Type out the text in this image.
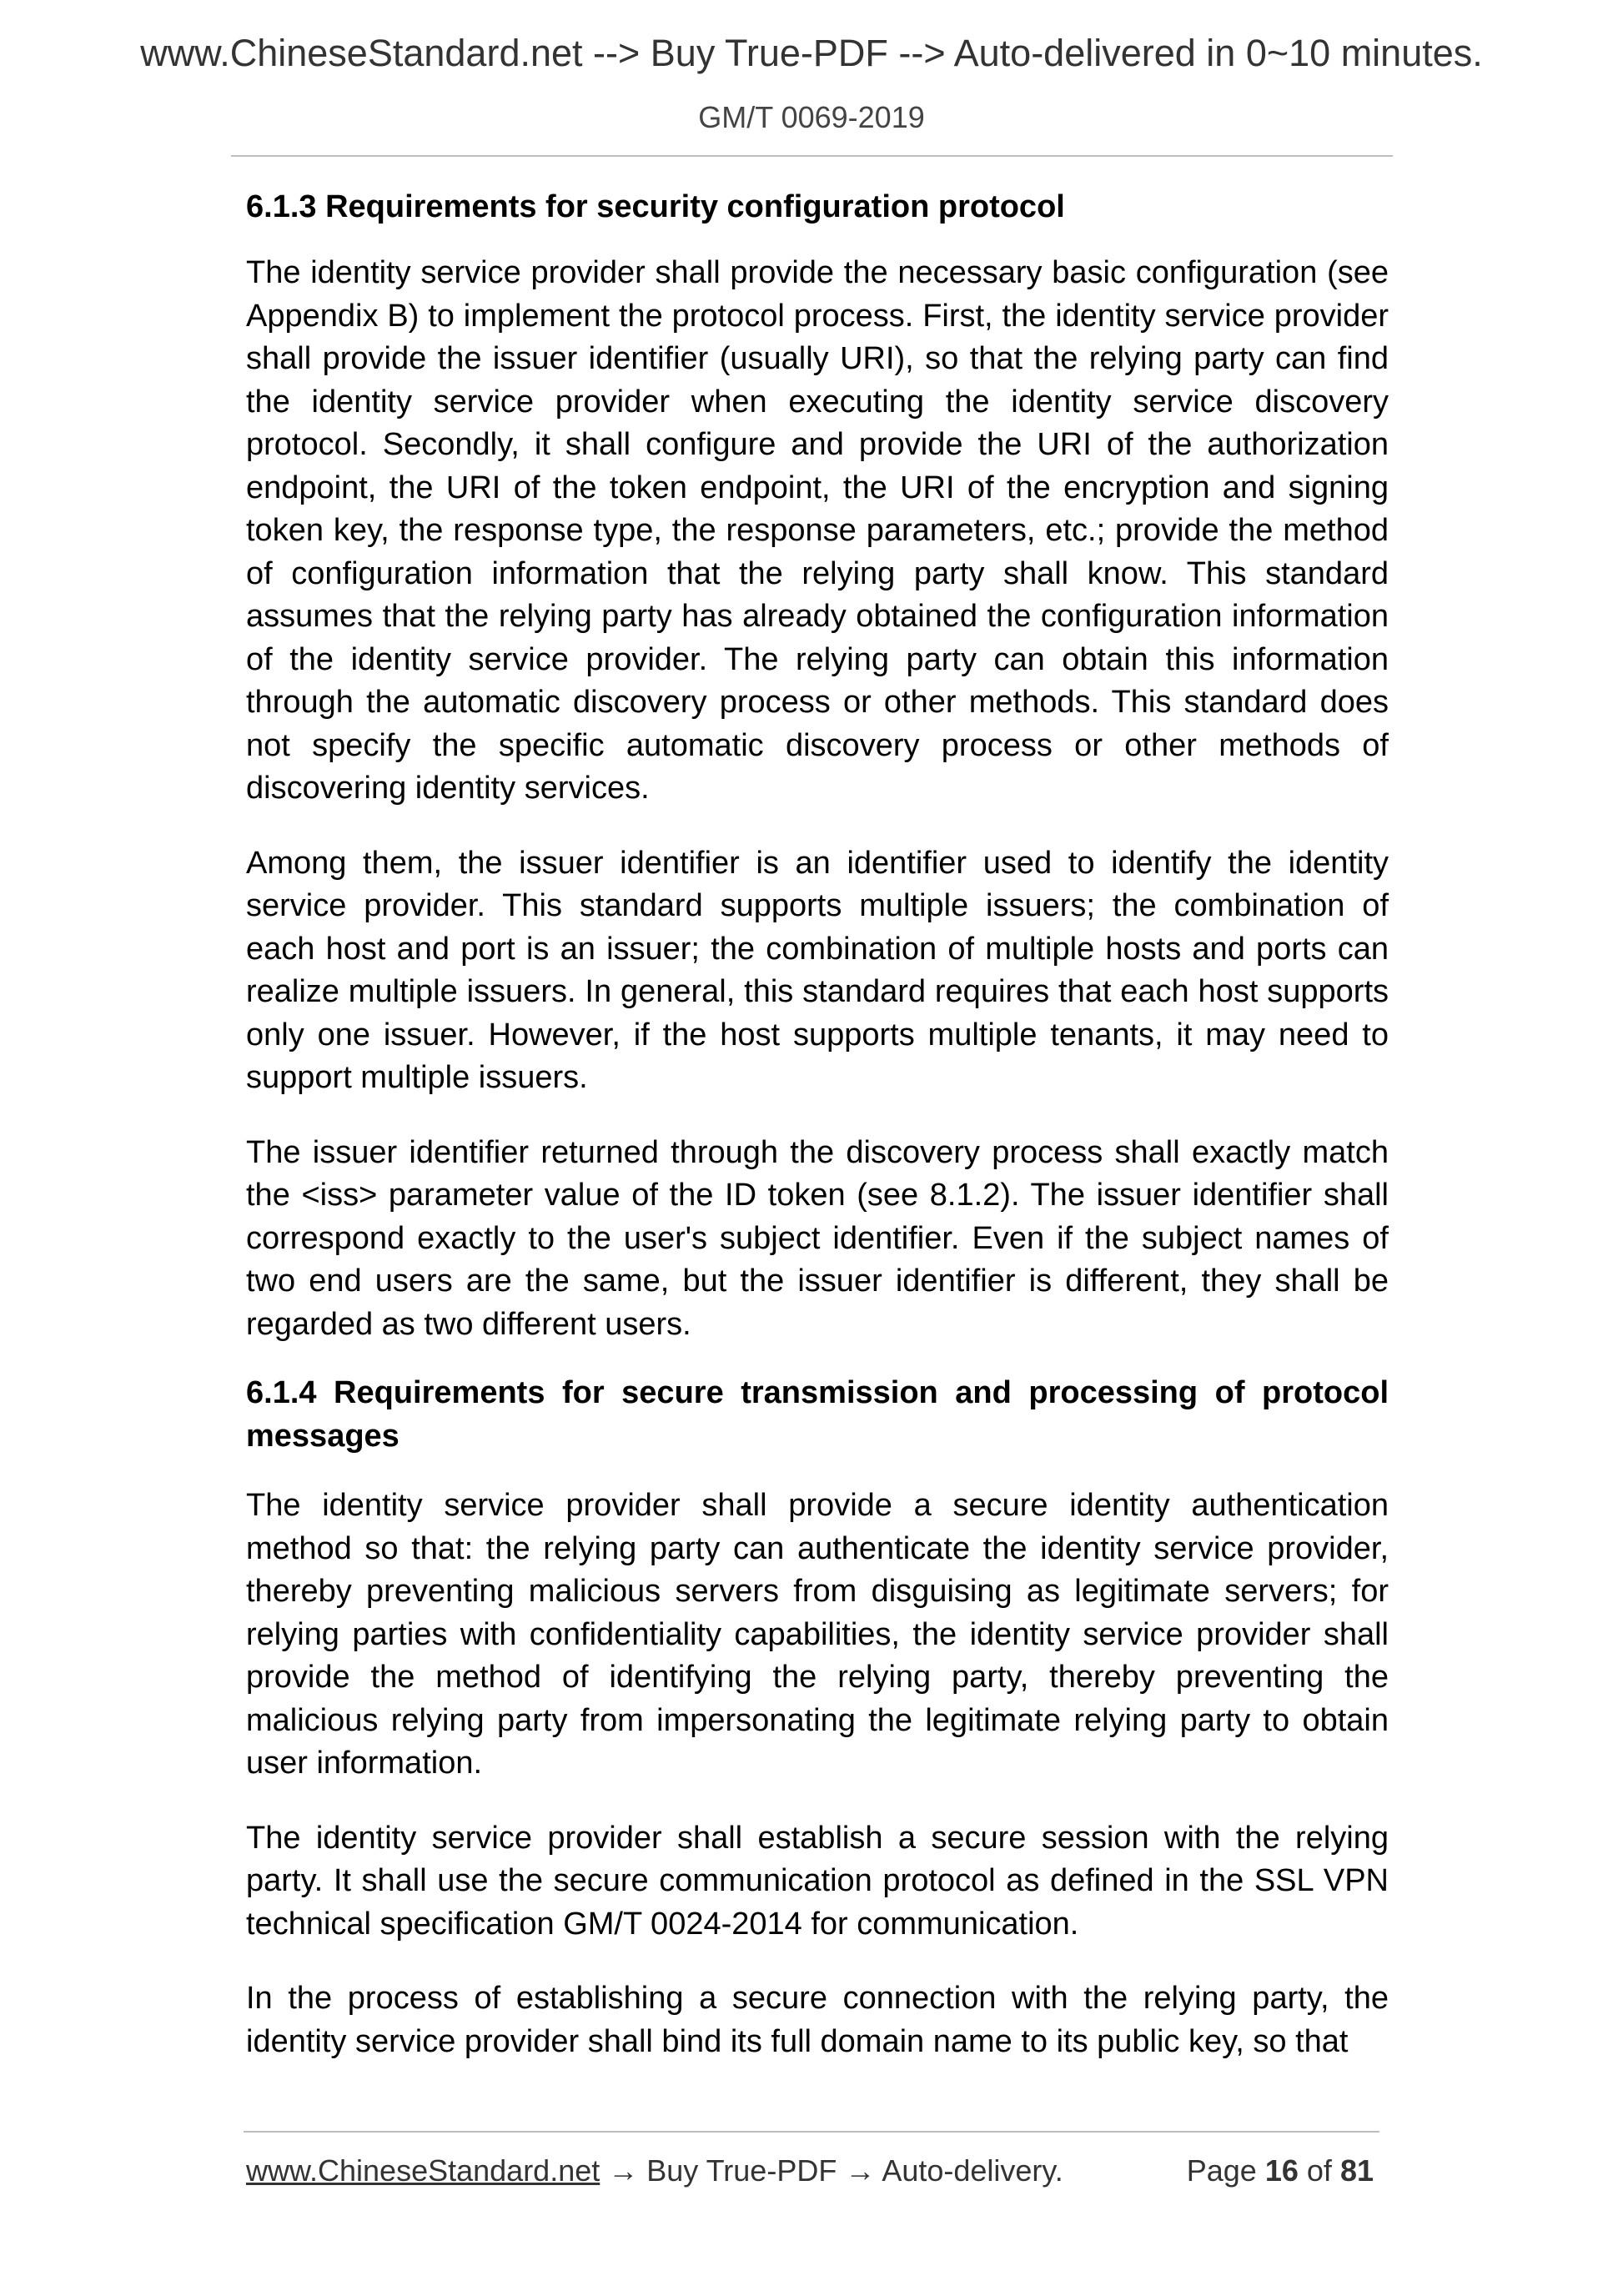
www.ChineseStandard.net --> Buy True-PDF --> Auto-delivered in 0~10 minutes.
GM/T 0069-2019
6.1.3 Requirements for security configuration protocol

The identity service provider shall provide the necessary basic configuration (see Appendix B) to implement the protocol process. First, the identity service provider shall provide the issuer identifier (usually URI), so that the relying party can find the identity service provider when executing the identity service discovery protocol. Secondly, it shall configure and provide the URI of the authorization endpoint, the URI of the token endpoint, the URI of the encryption and signing token key, the response type, the response parameters, etc.; provide the method of configuration information that the relying party shall know. This standard assumes that the relying party has already obtained the configuration information of the identity service provider. The relying party can obtain this information through the automatic discovery process or other methods. This standard does not specify the specific automatic discovery process or other methods of discovering identity services.

Among them, the issuer identifier is an identifier used to identify the identity service provider. This standard supports multiple issuers; the combination of each host and port is an issuer; the combination of multiple hosts and ports can realize multiple issuers. In general, this standard requires that each host supports only one issuer. However, if the host supports multiple tenants, it may need to support multiple issuers.

The issuer identifier returned through the discovery process shall exactly match the <iss> parameter value of the ID token (see 8.1.2). The issuer identifier shall correspond exactly to the user's subject identifier. Even if the subject names of two end users are the same, but the issuer identifier is different, they shall be regarded as two different users.

6.1.4 Requirements for secure transmission and processing of protocol messages

The identity service provider shall provide a secure identity authentication method so that: the relying party can authenticate the identity service provider, thereby preventing malicious servers from disguising as legitimate servers; for relying parties with confidentiality capabilities, the identity service provider shall provide the method of identifying the relying party, thereby preventing the malicious relying party from impersonating the legitimate relying party to obtain user information.

The identity service provider shall establish a secure session with the relying party. It shall use the secure communication protocol as defined in the SSL VPN technical specification GM/T 0024-2014 for communication.

In the process of establishing a secure connection with the relying party, the identity service provider shall bind its full domain name to its public key, so that

www.ChineseStandard.net → Buy True-PDF → Auto-delivery.	Page 16 of 81
